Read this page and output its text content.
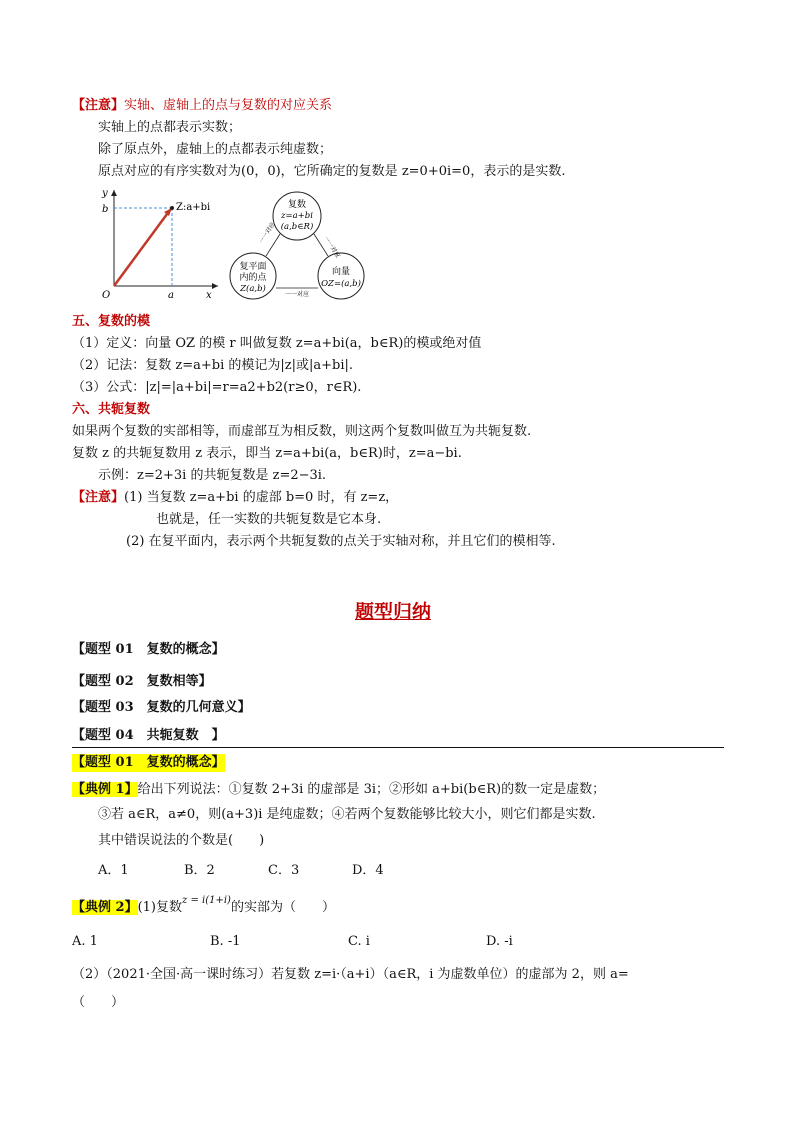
【注意】实轴、虚轴上的点与复数的对应关系
实轴上的点都表示实数；
除了原点外，虚轴上的点都表示纯虚数；
原点对应的有序实数对为(0，0)，它所确定的复数是 z=0+0i=0，表示的是实数.
Z:a+bi
y
x
b
a
O
复数
z=a+bi
(a,b∈R)
复平面
内的点
Z(a,b)
向量
OZ=(a,b)
一一对应
一一对应
一一对应
五、复数的模
（1）定义：向量 OZ 的模 r 叫做复数 z=a+bi(a，b∈R)的模或绝对值
（2）记法：复数 z=a+bi 的模记为|z|或|a+bi|.
（3）公式：|z|=|a+bi|=r=a2+b2(r≥0，r∈R).
六、共轭复数
如果两个复数的实部相等，而虚部互为相反数，则这两个复数叫做互为共轭复数.
复数 z 的共轭复数用 z 表示，即当 z=a+bi(a，b∈R)时，z=a−bi.
示例：z=2+3i 的共轭复数是 z=2−3i.
【注意】(1) 当复数 z=a+bi 的虚部 b=0 时，有 z=z，
也就是，任一实数的共轭复数是它本身.
(2) 在复平面内，表示两个共轭复数的点关于实轴对称，并且它们的模相等.
题型归纳
【题型 01　复数的概念】
【题型 02　复数相等】
【题型 03　复数的几何意义】
【题型 04　共轭复数　】
【题型 01　复数的概念】
【典例 1】给出下列说法：①复数 2+3i 的虚部是 3i；②形如 a+bi(b∈R)的数一定是虚数；
③若 a∈R，a≠0，则(a+3)i 是纯虚数；④若两个复数能够比较大小，则它们都是实数.
其中错误说法的个数是(　　)
A．1	B．2	C．3	D．4
【典例 2】(1)复数$^{z = i(1+i)}$的实部为（　　）
A. 1	B. -1	C. i	D. -i
（2）（2021·全国·高一课时练习）若复数 z=i·（a+i）（a∈R，i 为虚数单位）的虚部为 2，则 a=
（　　）
